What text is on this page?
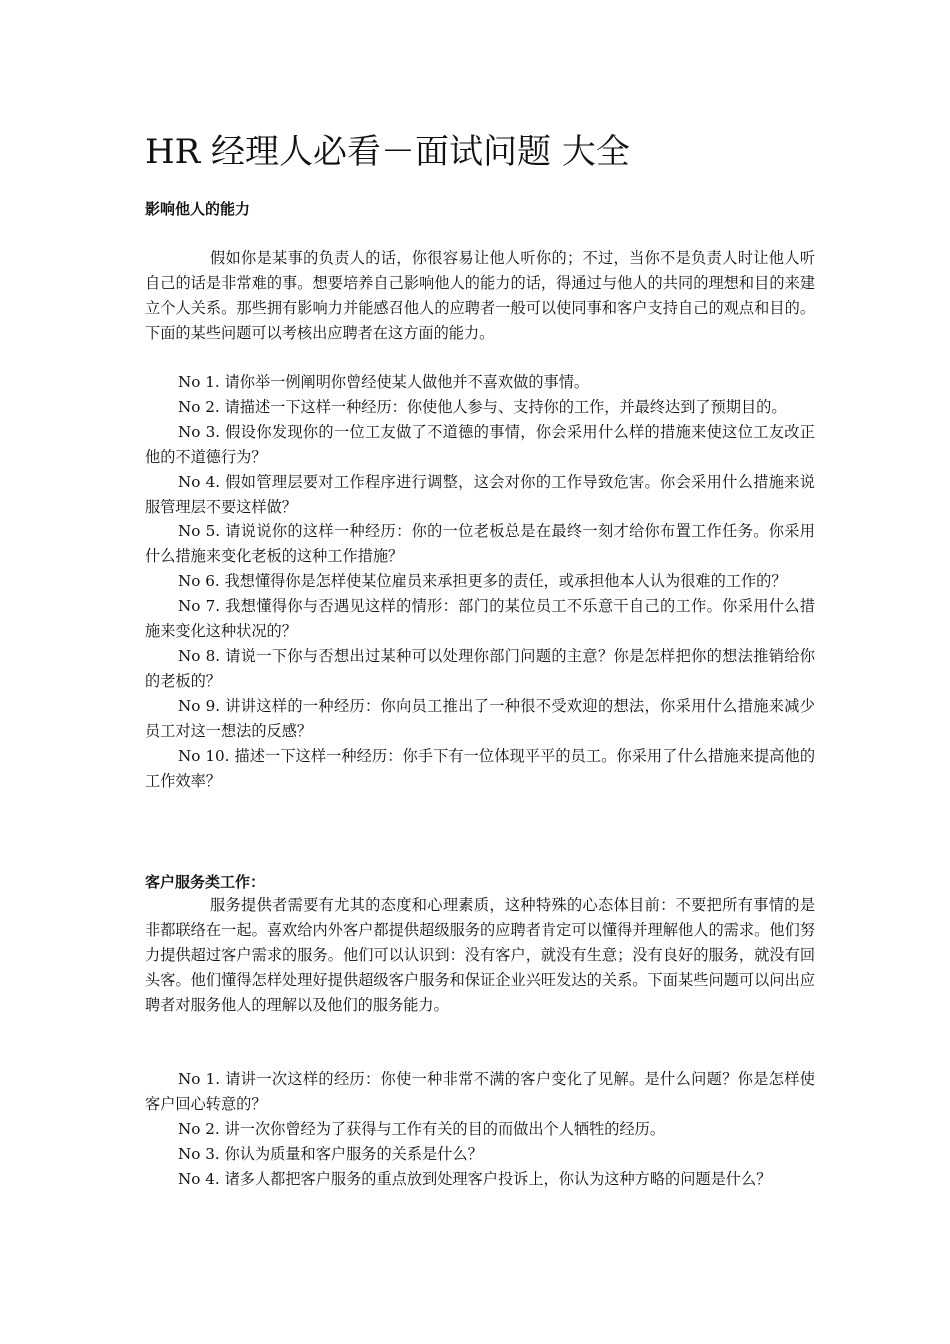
HR 经理人必看－面试问题 大全
影响他人的能力

假如你是某事的负责人的话，你很容易让他人听你的；不过，当你不是负责人时让他人听自己的话是非常难的事。想要培养自己影响他人的能力的话，得通过与他人的共同的理想和目的来建立个人关系。那些拥有影响力并能感召他人的应聘者一般可以使同事和客户支持自己的观点和目的。下面的某些问题可以考核出应聘者在这方面的能力。

No 1. 请你举一例阐明你曾经使某人做他并不喜欢做的事情。
No 2. 请描述一下这样一种经历：你使他人参与、支持你的工作，并最终达到了预期目的。
No 3. 假设你发现你的一位工友做了不道德的事情，你会采用什么样的措施来使这位工友改正他的不道德行为？
No 4. 假如管理层要对工作程序进行调整，这会对你的工作导致危害。你会采用什么措施来说服管理层不要这样做？
No 5. 请说说你的这样一种经历：你的一位老板总是在最终一刻才给你布置工作任务。你采用什么措施来变化老板的这种工作措施？
No 6. 我想懂得你是怎样使某位雇员来承担更多的责任，或承担他本人认为很难的工作的？
No 7. 我想懂得你与否遇见这样的情形：部门的某位员工不乐意干自己的工作。你采用什么措施来变化这种状况的？
No 8. 请说一下你与否想出过某种可以处理你部门问题的主意？你是怎样把你的想法推销给你的老板的？
No 9. 讲讲这样的一种经历：你向员工推出了一种很不受欢迎的想法，你采用什么措施来减少员工对这一想法的反感？
No 10. 描述一下这样一种经历：你手下有一位体现平平的员工。你采用了什么措施来提高他的工作效率？
客户服务类工作：

服务提供者需要有尤其的态度和心理素质，这种特殊的心态体目前：不要把所有事情的是非都联络在一起。喜欢给内外客户都提供超级服务的应聘者肯定可以懂得并理解他人的需求。他们努力提供超过客户需求的服务。他们可以认识到：没有客户，就没有生意；没有良好的服务，就没有回头客。他们懂得怎样处理好提供超级客户服务和保证企业兴旺发达的关系。下面某些问题可以问出应聘者对服务他人的理解以及他们的服务能力。

No 1. 请讲一次这样的经历：你使一种非常不满的客户变化了见解。是什么问题？你是怎样使客户回心转意的？
No 2. 讲一次你曾经为了获得与工作有关的目的而做出个人牺牲的经历。
No 3. 你认为质量和客户服务的关系是什么？
No 4. 诸多人都把客户服务的重点放到处理客户投诉上，你认为这种方略的问题是什么？
